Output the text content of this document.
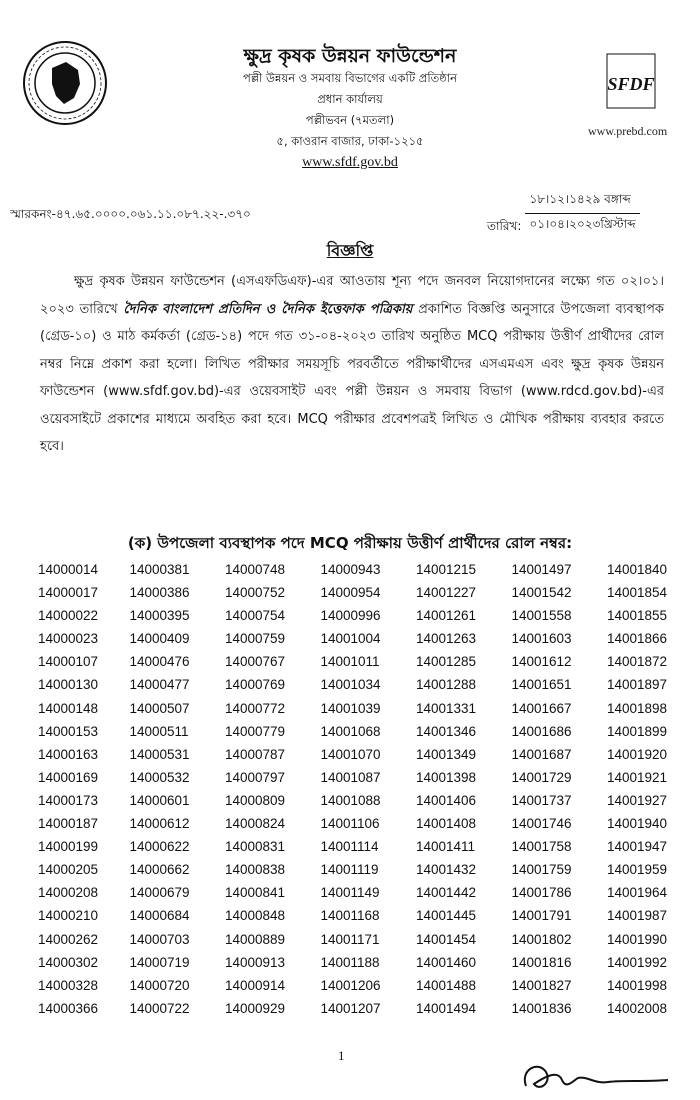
ক্ষুদ্র কৃষক উন্নয়ন ফাউন্ডেশন
পল্লী উন্নয়ন ও সমবায় বিভাগের একটি প্রতিষ্ঠান
প্রধান কার্যালয়
পল্লীভবন (৭মতলা)
৫, কাওরান বাজার, ঢাকা-১২১৫
www.sfdf.gov.bd
SFDF
www.prebd.com
স্মারকনং-৪৭.৬৫.০০০০.০৬১.১১.০৮৭.২২-.৩৭০
তারিখ:
১৮।১২।১৪২৯ বঙ্গাব্দ
০১।০৪।২০২৩খ্রিস্টাব্দ
বিজ্ঞপ্তি
ক্ষুদ্র কৃষক উন্নয়ন ফাউন্ডেশন (এসএফডিএফ)-এর আওতায় শূন্য পদে জনবল নিয়োগদানের লক্ষ্যে গত ০২।০১।২০২৩ তারিখে দৈনিক বাংলাদেশ প্রতিদিন ও দৈনিক ইত্তেফাক পত্রিকায় প্রকাশিত বিজ্ঞপ্তি অনুসারে উপজেলা ব্যবস্থাপক (গ্রেড-১০) ও মাঠ কর্মকর্তা (গ্রেড-১৪) পদে গত ৩১-০৪-২০২৩ তারিখ অনুষ্ঠিত MCQ পরীক্ষায় উত্তীর্ণ প্রার্থীদের রোল নম্বর নিম্নে প্রকাশ করা হলো। লিখিত পরীক্ষার সময়সূচি পরবর্তীতে পরীক্ষার্থীদের এসএমএস এবং ক্ষুদ্র কৃষক উন্নয়ন ফাউন্ডেশন (www.sfdf.gov.bd)-এর ওয়েবসাইট এবং পল্লী উন্নয়ন ও সমবায় বিভাগ (www.rdcd.gov.bd)-এর ওয়েবসাইটে প্রকাশের মাধ্যমে অবহিত করা হবে। MCQ পরীক্ষার প্রবেশপত্রই লিখিত ও মৌখিক পরীক্ষায় ব্যবহার করতে হবে।
(ক) উপজেলা ব্যবস্থাপক পদে MCQ পরীক্ষায় উত্তীর্ণ প্রার্থীদের রোল নম্বর:
14000014	14000381	14000748	14000943	14001215	14001497	14001840
14000017	14000386	14000752	14000954	14001227	14001542	14001854
14000022	14000395	14000754	14000996	14001261	14001558	14001855
14000023	14000409	14000759	14001004	14001263	14001603	14001866
14000107	14000476	14000767	14001011	14001285	14001612	14001872
14000130	14000477	14000769	14001034	14001288	14001651	14001897
14000148	14000507	14000772	14001039	14001331	14001667	14001898
14000153	14000511	14000779	14001068	14001346	14001686	14001899
14000163	14000531	14000787	14001070	14001349	14001687	14001920
14000169	14000532	14000797	14001087	14001398	14001729	14001921
14000173	14000601	14000809	14001088	14001406	14001737	14001927
14000187	14000612	14000824	14001106	14001408	14001746	14001940
14000199	14000622	14000831	14001114	14001411	14001758	14001947
14000205	14000662	14000838	14001119	14001432	14001759	14001959
14000208	14000679	14000841	14001149	14001442	14001786	14001964
14000210	14000684	14000848	14001168	14001445	14001791	14001987
14000262	14000703	14000889	14001171	14001454	14001802	14001990
14000302	14000719	14000913	14001188	14001460	14001816	14001992
14000328	14000720	14000914	14001206	14001488	14001827	14001998
14000366	14000722	14000929	14001207	14001494	14001836	14002008
1
